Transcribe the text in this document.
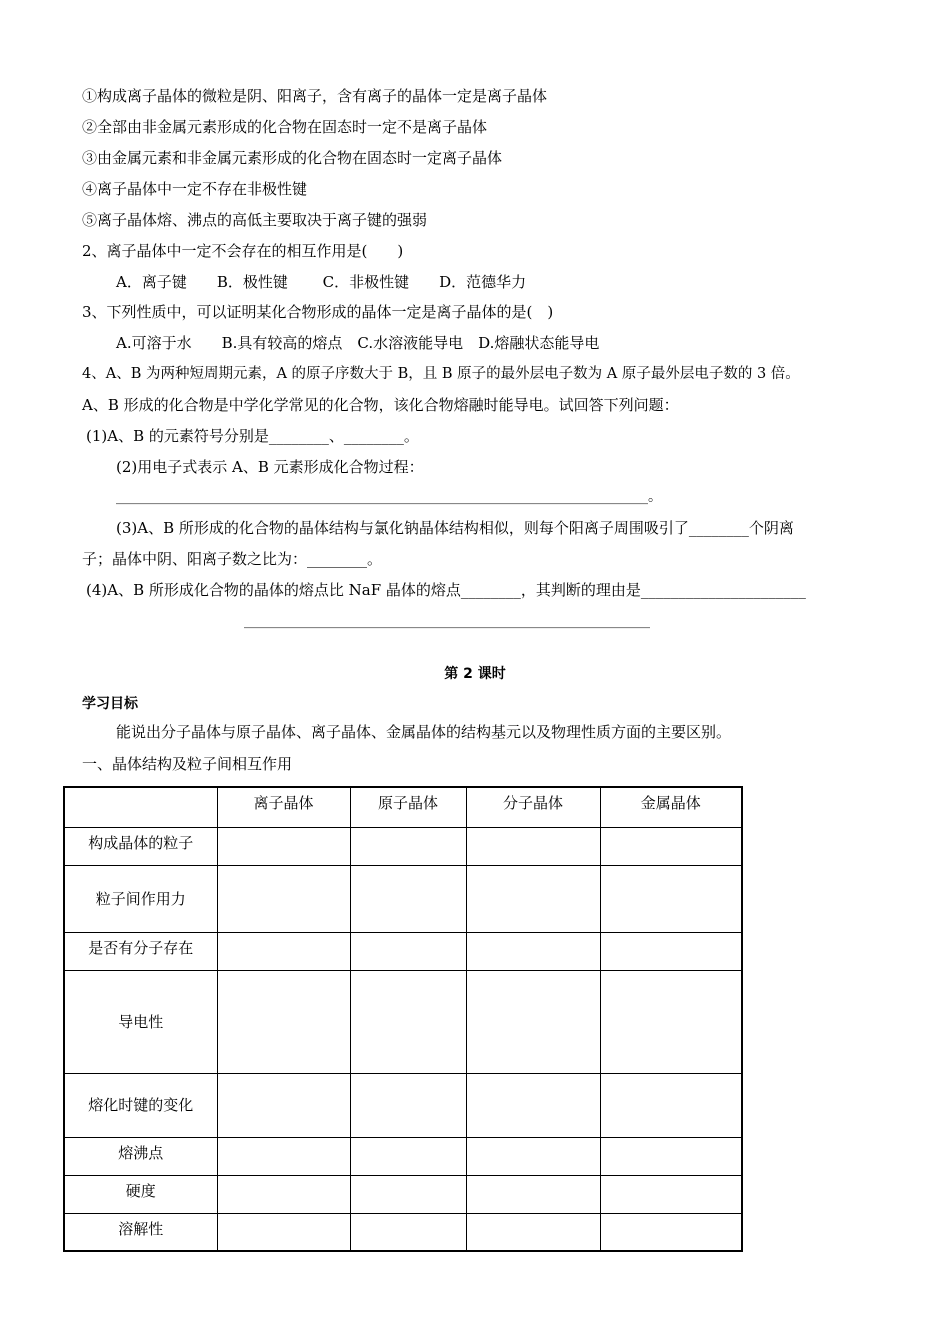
①构成离子晶体的微粒是阴、阳离子，含有离子的晶体一定是离子晶体
②全部由非金属元素形成的化合物在固态时一定不是离子晶体
③由金属元素和非金属元素形成的化合物在固态时一定离子晶体
④离子晶体中一定不存在非极性键
⑤离子晶体熔、沸点的高低主要取决于离子键的强弱
2、离子晶体中一定不会存在的相互作用是(　　)
A．离子键　　B．极性键　　 C．非极性键　　D．范德华力
3、下列性质中，可以证明某化合物形成的晶体一定是离子晶体的是(　)
A.可溶于水　　B.具有较高的熔点　C.水溶液能导电　D.熔融状态能导电
4、A、B 为两种短周期元素，A 的原子序数大于 B，且 B 原子的最外层电子数为 A 原子最外层电子数的 3 倍。
A、B 形成的化合物是中学化学常见的化合物，该化合物熔融时能导电。试回答下列问题：
(1)A、B 的元素符号分别是________、________。
(2)用电子式表示 A、B 元素形成化合物过程：
____________________________________________________________________________。
(3)A、B 所形成的化合物的晶体结构与氯化钠晶体结构相似，则每个阳离子周围吸引了________个阴离
子；晶体中阴、阳离子数之比为：________。
(4)A、B 所形成化合物的晶体的熔点比 NaF 晶体的熔点________，其判断的理由是______________________
__________________________________________________________
第 2 课时
学习目标
能说出分子晶体与原子晶体、离子晶体、金属晶体的结构基元以及物理性质方面的主要区别。
一、晶体结构及粒子间相互作用

	离子晶体	原子晶体	分子晶体	金属晶体

构成晶体的粒子				

粒子间作用力				

是否有分子存在				

导电性				
熔化时键的变化				

熔沸点				

硬度				

溶解性				
